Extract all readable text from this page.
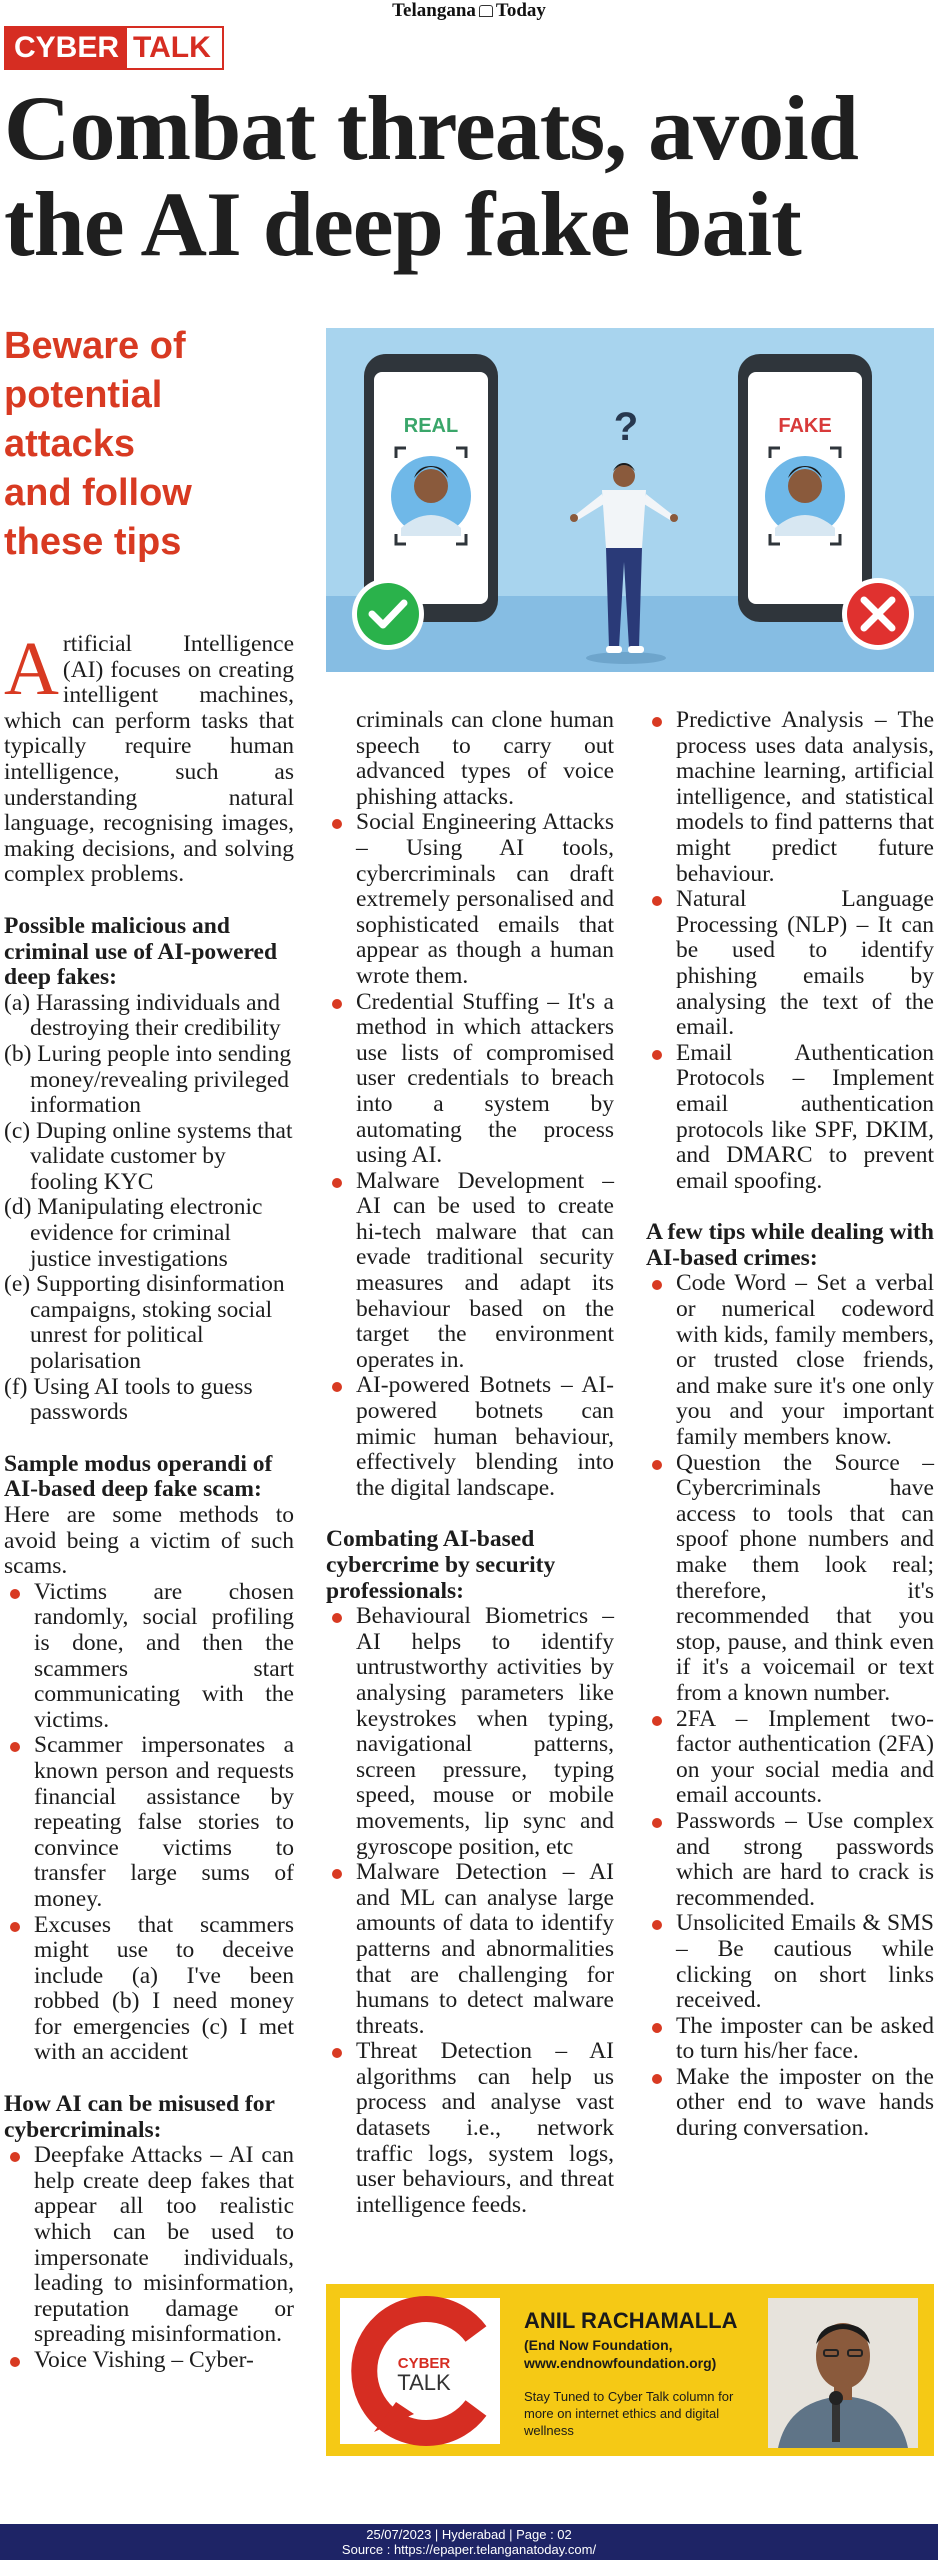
Telangana Today
CYBER TALK
Combat threats, avoid
the AI deep fake bait
Beware of
potential
attacks
and follow
these tips
REAL	?	FAKE

Artificial Intelligence (AI) focuses on creating intelligent machines, which can perform tasks that typically require human intelligence, such as understanding natural language, recognising images, making decisions, and solving complex problems.

Possible malicious and criminal use of AI-powered deep fakes:
(a) Harassing individuals and destroying their credibility
(b) Luring people into sending money/revealing privileged information
(c) Duping online systems that validate customer by fooling KYC
(d) Manipulating electronic evidence for criminal justice investigations
(e) Supporting disinformation campaigns, stoking social unrest for political polarisation
(f) Using AI tools to guess passwords
Sample modus operandi of AI-based deep fake scam:

Here are some methods to avoid being a victim of such scams.

Victims are chosen randomly, social profiling is done, and then the scammers start communicating with the victims.
Scammer impersonates a known person and requests financial assistance by repeating false stories to convince victims to transfer large sums of money.
Excuses that scammers might use to deceive include (a) I've been robbed (b) I need money for emergencies (c) I met with an accident
How AI can be misused for cybercriminals:
Deepfake Attacks – AI can help create deep fakes that appear all too realistic which can be used to impersonate individuals, leading to misinformation, reputation damage or spreading misinformation.
Voice Vishing – Cyber-

criminals can clone human speech to carry out advanced types of voice phishing attacks.

Social Engineering Attacks – Using AI tools, cybercriminals can draft extremely personalised and sophisticated emails that appear as though a human wrote them.
Credential Stuffing – It's a method in which attackers use lists of compromised user credentials to breach into a system by automating the process using AI.
Malware Development – AI can be used to create hi-tech malware that can evade traditional security measures and adapt its behaviour based on the target the environment operates in.
AI-powered Botnets – AI-powered botnets can mimic human behaviour, effectively blending into the digital landscape.
Combating AI-based cybercrime by security professionals:
Behavioural Biometrics – AI helps to identify untrustworthy activities by analysing parameters like keystrokes when typing, navigational patterns, screen pressure, typing speed, mouse or mobile movements, lip sync and gyroscope position, etc
Malware Detection – AI and ML can analyse large amounts of data to identify patterns and abnormalities that are challenging for humans to detect malware threats.
Threat Detection – AI algorithms can help us process and analyse vast datasets i.e., network traffic logs, system logs, user behaviours, and threat intelligence feeds.
Predictive Analysis – The process uses data analysis, machine learning, artificial intelligence, and statistical models to find patterns that might predict future behaviour.
Natural Language Processing (NLP) – It can be used to identify phishing emails by analysing the text of the email.
Email Authentication Protocols – Implement email authentication protocols like SPF, DKIM, and DMARC to prevent email spoofing.
A few tips while dealing with AI-based crimes:
Code Word – Set a verbal or numerical codeword with kids, family members, or trusted close friends, and make sure it's one only you and your important family members know.
Question the Source – Cybercriminals have access to tools that can spoof phone numbers and make them look real; therefore, it's recommended that you stop, pause, and think even if it's a voicemail or text from a known number.
2FA – Implement two-factor authentication (2FA) on your social media and email accounts.
Passwords – Use complex and strong passwords which are hard to crack is recommended.
Unsolicited Emails & SMS – Be cautious while clicking on short links received.
The imposter can be asked to turn his/her face.
Make the imposter on the other end to wave hands during conversation.
CYBER
TALK
ANIL RACHAMALLA
(End Now Foundation,
www.endnowfoundation.org)
Stay Tuned to Cyber Talk column for more on internet ethics and digital wellness
25/07/2023 | Hyderabad | Page : 02
Source : https://epaper.telanganatoday.com/
